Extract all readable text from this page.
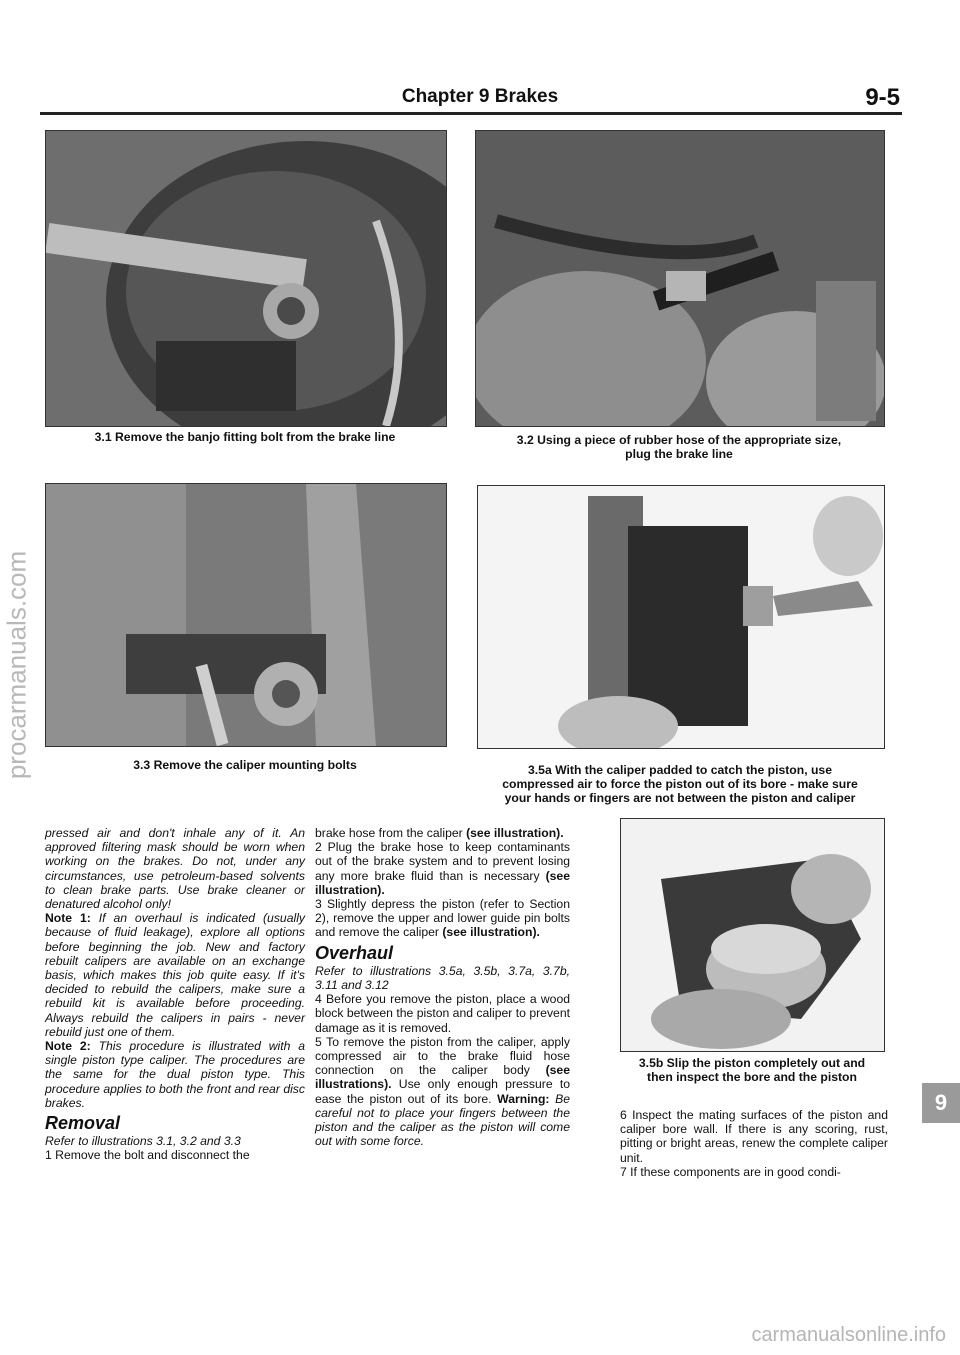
Chapter 9 Brakes	9-5
3.1 Remove the banjo fitting bolt from the brake line	3.2 Using a piece of rubber hose of the appropriate size,
plug the brake line
3.3 Remove the caliper mounting bolts	3.5a With the caliper padded to catch the piston, use
compressed air to force the piston out of its bore - make sure
your hands or fingers are not between the piston and caliper
3.5b Slip the piston completely out and
then inspect the bore and the piston

pressed air and don't inhale any of it. An approved filtering mask should be worn when working on the brakes. Do not, under any circumstances, use petroleum-based solvents to clean brake parts. Use brake cleaner or denatured alcohol only!

Note 1: If an overhaul is indicated (usually because of fluid leakage), explore all options before beginning the job. New and factory rebuilt calipers are available on an exchange basis, which makes this job quite easy. If it's decided to rebuild the calipers, make sure a rebuild kit is available before proceeding. Always rebuild the calipers in pairs - never rebuild just one of them.

Note 2: This procedure is illustrated with a single piston type caliper. The procedures are the same for the dual piston type. This procedure applies to both the front and rear disc brakes.

Removal

Refer to illustrations 3.1, 3.2 and 3.3

1 Remove the bolt and disconnect the

brake hose from the caliper (see illustration).

2 Plug the brake hose to keep contaminants out of the brake system and to prevent losing any more brake fluid than is necessary (see illustration).

3 Slightly depress the piston (refer to Section 2), remove the upper and lower guide pin bolts and remove the caliper (see illustration).

Overhaul

Refer to illustrations 3.5a, 3.5b, 3.7a, 3.7b, 3.11 and 3.12

4 Before you remove the piston, place a wood block between the piston and caliper to prevent damage as it is removed.

5 To remove the piston from the caliper, apply compressed air to the brake fluid hose connection on the caliper body (see illustrations). Use only enough pressure to ease the piston out of its bore. Warning: Be careful not to place your fingers between the piston and the caliper as the piston will come out with some force.

6 Inspect the mating surfaces of the piston and caliper bore wall. If there is any scoring, rust, pitting or bright areas, renew the complete caliper unit.

7 If these components are in good condi-

9
procarmanuals.com
carmanualsonline.info
